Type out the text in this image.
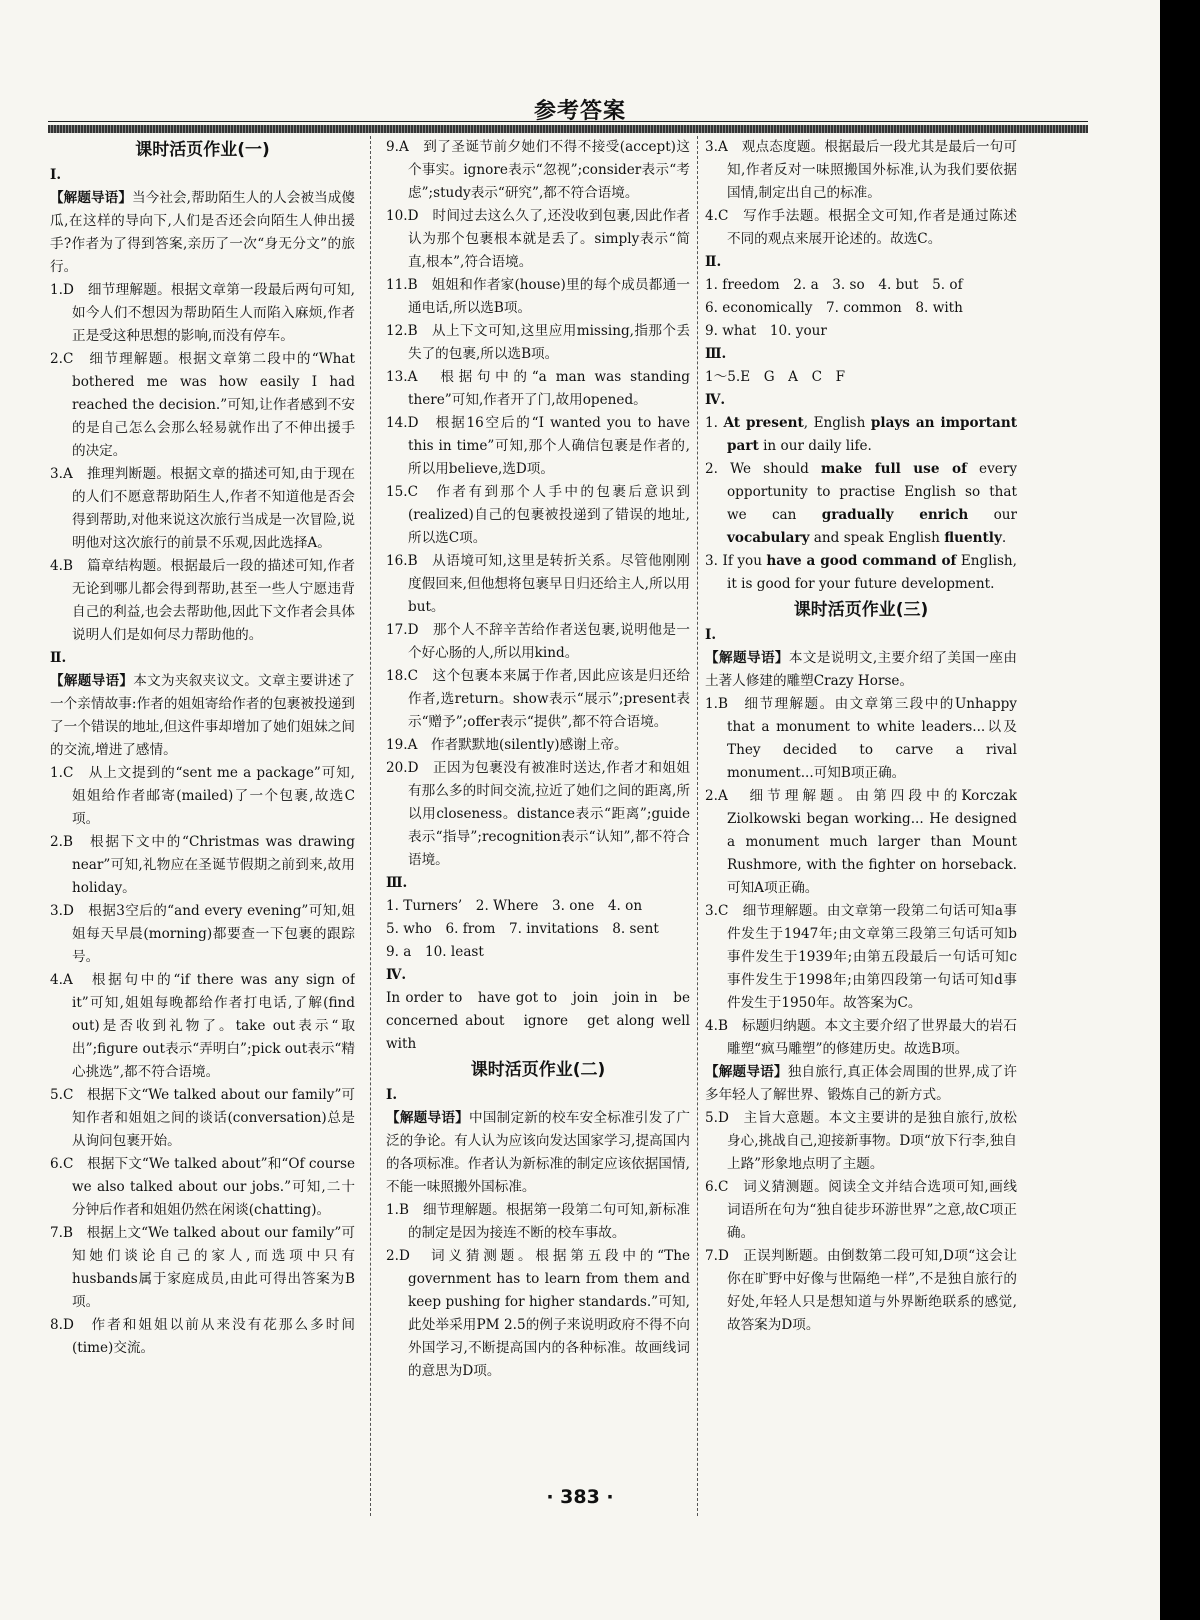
参考答案

课时活页作业(一)

Ⅰ.

【解题导语】当今社会,帮助陌生人的人会被当成傻瓜,在这样的导向下,人们是否还会向陌生人伸出援手?作者为了得到答案,亲历了一次“身无分文”的旅行。

1.D　细节理解题。根据文章第一段最后两句可知,如今人们不想因为帮助陌生人而陷入麻烦,作者正是受这种思想的影响,而没有停车。

2.C　细节理解题。根据文章第二段中的“What bothered me was how easily I had reached the decision.”可知,让作者感到不安的是自己怎么会那么轻易就作出了不伸出援手的决定。

3.A　推理判断题。根据文章的描述可知,由于现在的人们不愿意帮助陌生人,作者不知道他是否会得到帮助,对他来说这次旅行当成是一次冒险,说明他对这次旅行的前景不乐观,因此选择A。

4.B　篇章结构题。根据最后一段的描述可知,作者无论到哪儿都会得到帮助,甚至一些人宁愿违背自己的利益,也会去帮助他,因此下文作者会具体说明人们是如何尽力帮助他的。

Ⅱ.

【解题导语】本文为夹叙夹议文。文章主要讲述了一个亲情故事:作者的姐姐寄给作者的包裹被投递到了一个错误的地址,但这件事却增加了她们姐妹之间的交流,增进了感情。

1.C　从上文提到的“sent me a package”可知,姐姐给作者邮寄(mailed)了一个包裹,故选C项。

2.B　根据下文中的“Christmas was drawing near”可知,礼物应在圣诞节假期之前到来,故用holiday。

3.D　根据3空后的“and every evening”可知,姐姐每天早晨(morning)都要查一下包裹的跟踪号。

4.A　根据句中的“if there was any sign of it”可知,姐姐每晚都给作者打电话,了解(find out)是否收到礼物了。take out表示“取出”;figure out表示“弄明白”;pick out表示“精心挑选”,都不符合语境。

5.C　根据下文“We talked about our family”可知作者和姐姐之间的谈话(conversation)总是从询问包裹开始。

6.C　根据下文“We talked about”和“Of course we also talked about our jobs.”可知,二十分钟后作者和姐姐仍然在闲谈(chatting)。

7.B　根据上文“We talked about our family”可知她们谈论自己的家人,而选项中只有husbands属于家庭成员,由此可得出答案为B项。

8.D　作者和姐姐以前从来没有花那么多时间(time)交流。

9.A　到了圣诞节前夕她们不得不接受(accept)这个事实。ignore表示“忽视”;consider表示“考虑”;study表示“研究”,都不符合语境。

10.D　时间过去这么久了,还没收到包裹,因此作者认为那个包裹根本就是丢了。simply表示“简直,根本”,符合语境。

11.B　姐姐和作者家(house)里的每个成员都通一通电话,所以选B项。

12.B　从上下文可知,这里应用missing,指那个丢失了的包裹,所以选B项。

13.A　根据句中的“a man was standing there”可知,作者开了门,故用opened。

14.D　根据16空后的“I wanted you to have this in time”可知,那个人确信包裹是作者的,所以用believe,选D项。

15.C　作者有到那个人手中的包裹后意识到(realized)自己的包裹被投递到了错误的地址,所以选C项。

16.B　从语境可知,这里是转折关系。尽管他刚刚度假回来,但他想将包裹早日归还给主人,所以用but。

17.D　那个人不辞辛苦给作者送包裹,说明他是一个好心肠的人,所以用kind。

18.C　这个包裹本来属于作者,因此应该是归还给作者,选return。show表示“展示”;present表示“赠予”;offer表示“提供”,都不符合语境。

19.A　作者默默地(silently)感谢上帝。

20.D　正因为包裹没有被准时送达,作者才和姐姐有那么多的时间交流,拉近了她们之间的距离,所以用closeness。distance表示“距离”;guide表示“指导”;recognition表示“认知”,都不符合语境。

Ⅲ.

1. Turners’　2. Where　3. one　4. on

5. who　6. from　7. invitations　8. sent

9. a　10. least

Ⅳ.

In order to　have got to　join　join in　be concerned about　ignore　get along well with

课时活页作业(二)

Ⅰ.

【解题导语】中国制定新的校车安全标准引发了广泛的争论。有人认为应该向发达国家学习,提高国内的各项标准。作者认为新标准的制定应该依据国情,不能一味照搬外国标准。

1.B　细节理解题。根据第一段第二句可知,新标准的制定是因为接连不断的校车事故。

2.D　词义猜测题。根据第五段中的“The government has to learn from them and keep pushing for higher standards.”可知,此处举采用PM 2.5的例子来说明政府不得不向外国学习,不断提高国内的各种标准。故画线词的意思为D项。

3.A　观点态度题。根据最后一段尤其是最后一句可知,作者反对一味照搬国外标准,认为我们要依据国情,制定出自己的标准。

4.C　写作手法题。根据全文可知,作者是通过陈述不同的观点来展开论述的。故选C。

Ⅱ.

1. freedom　2. a　3. so　4. but　5. of

6. economically　7. common　8. with

9. what　10. your

Ⅲ.

1～5.E　G　A　C　F

Ⅳ.

1. At present, English plays an important part in our daily life.

2. We should make full use of every opportunity to practise English so that we can gradually enrich our vocabulary and speak English fluently.

3. If you have a good command of English, it is good for your future development.

课时活页作业(三)

Ⅰ.

【解题导语】本文是说明文,主要介绍了美国一座由土著人修建的雕塑Crazy Horse。

1.B　细节理解题。由文章第三段中的Unhappy that a monument to white leaders...以及They decided to carve a rival monument...可知B项正确。

2.A　细节理解题。由第四段中的Korczak Ziolkowski began working... He designed a monument much larger than Mount Rushmore, with the fighter on horseback.可知A项正确。

3.C　细节理解题。由文章第一段第二句话可知a事件发生于1947年;由文章第三段第三句话可知b事件发生于1939年;由第五段最后一句话可知c事件发生于1998年;由第四段第一句话可知d事件发生于1950年。故答案为C。

4.B　标题归纳题。本文主要介绍了世界最大的岩石雕塑“疯马雕塑”的修建历史。故选B项。

【解题导语】独自旅行,真正体会周围的世界,成了许多年轻人了解世界、锻炼自己的新方式。

5.D　主旨大意题。本文主要讲的是独自旅行,放松身心,挑战自己,迎接新事物。D项“放下行李,独自上路”形象地点明了主题。

6.C　词义猜测题。阅读全文并结合选项可知,画线词语所在句为“独自徒步环游世界”之意,故C项正确。

7.D　正误判断题。由倒数第二段可知,D项“这会让你在旷野中好像与世隔绝一样”,不是独自旅行的好处,年轻人只是想知道与外界断绝联系的感觉,故答案为D项。

· 383 ·
